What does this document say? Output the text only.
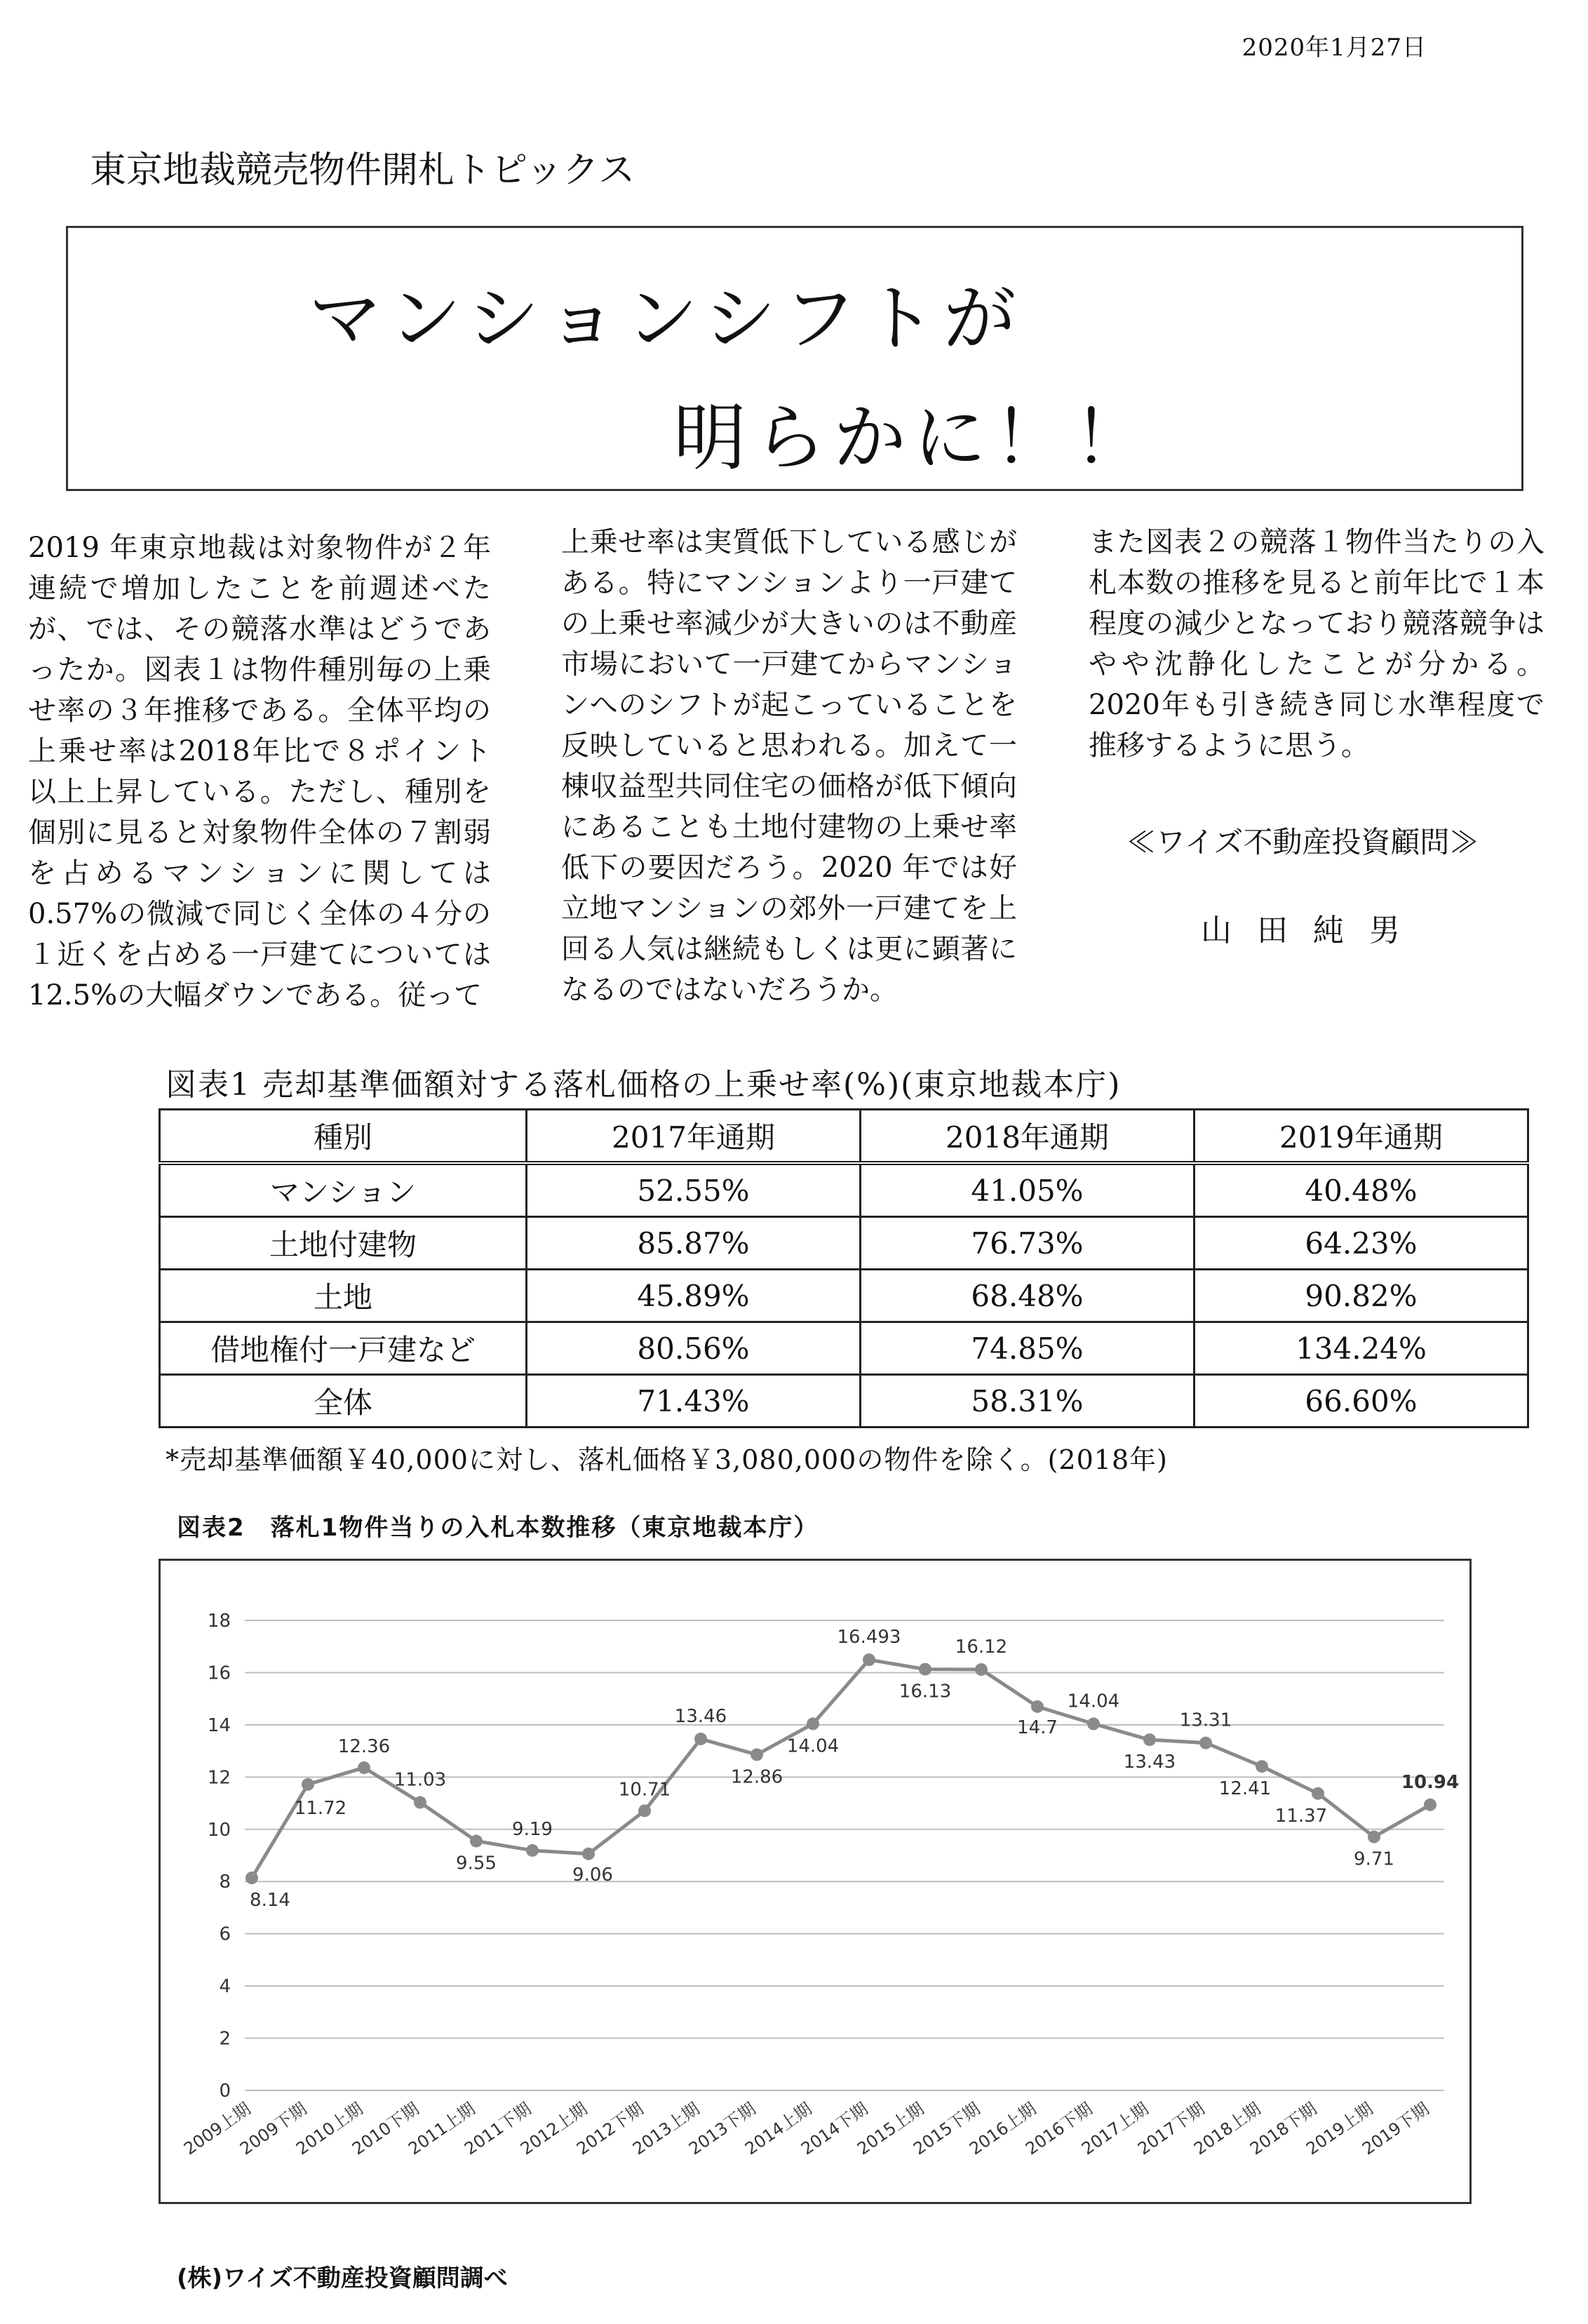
2020年1月27日
東京地裁競売物件開札トピックス
マンションシフトが
明らかに！！
2019 年東京地裁は対象物件が２年連続で増加したことを前週述べたが、では、その競落水準はどうであったか。図表１は物件種別毎の上乗せ率の３年推移である。全体平均の上乗せ率は2018年比で８ポイント以上上昇している。ただし、種別を個別に見ると対象物件全体の７割弱を占めるマンションに関しては 0.57%の微減で同じく全体の４分の１近くを占める一戸建てについては 12.5%の大幅ダウンである。従って
上乗せ率は実質低下している感じがある。特にマンションより一戸建ての上乗せ率減少が大きいのは不動産市場において一戸建てからマンションへのシフトが起こっていることを反映していると思われる。加えて一棟収益型共同住宅の価格が低下傾向にあることも土地付建物の上乗せ率低下の要因だろう。2020 年では好立地マンションの郊外一戸建てを上回る人気は継続もしくは更に顕著になるのではないだろうか。
また図表２の競落１物件当たりの入札本数の推移を見ると前年比で１本程度の減少となっており競落競争はやや沈静化したことが分かる。2020年も引き続き同じ水準程度で推移するように思う。
≪ワイズ不動産投資顧問≫
山田純男
図表1 売却基準価額対する落札価格の上乗せ率(%)(東京地裁本庁)
種別	2017年通期	2018年通期	2019年通期
マンション	52.55%	41.05%	40.48%
土地付建物	85.87%	76.73%	64.23%
土地	45.89%	68.48%	90.82%
借地権付一戸建など	80.56%	74.85%	134.24%
全体	71.43%	58.31%	66.60%
*売却基準価額￥40,000に対し、落札価格￥3,080,000の物件を除く。(2018年)
図表2　落札1物件当りの入札本数推移（東京地裁本庁）
0
2
4
6
8
10
12
14
16
18
2009上期
2009下期
2010上期
2010下期
2011上期
2011下期
2012上期
2012下期
2013上期
2013下期
2014上期
2014下期
2015上期
2015下期
2016上期
2016下期
2017上期
2017下期
2018上期
2018下期
2019上期
2019下期
8.14
11.72
12.36
11.03
9.55
9.19
9.06
10.71
13.46
12.86
14.04
16.493
16.13
16.12
14.7
14.04
13.43
13.31
12.41
11.37
9.71
10.94
(株)ワイズ不動産投資顧問調べ
